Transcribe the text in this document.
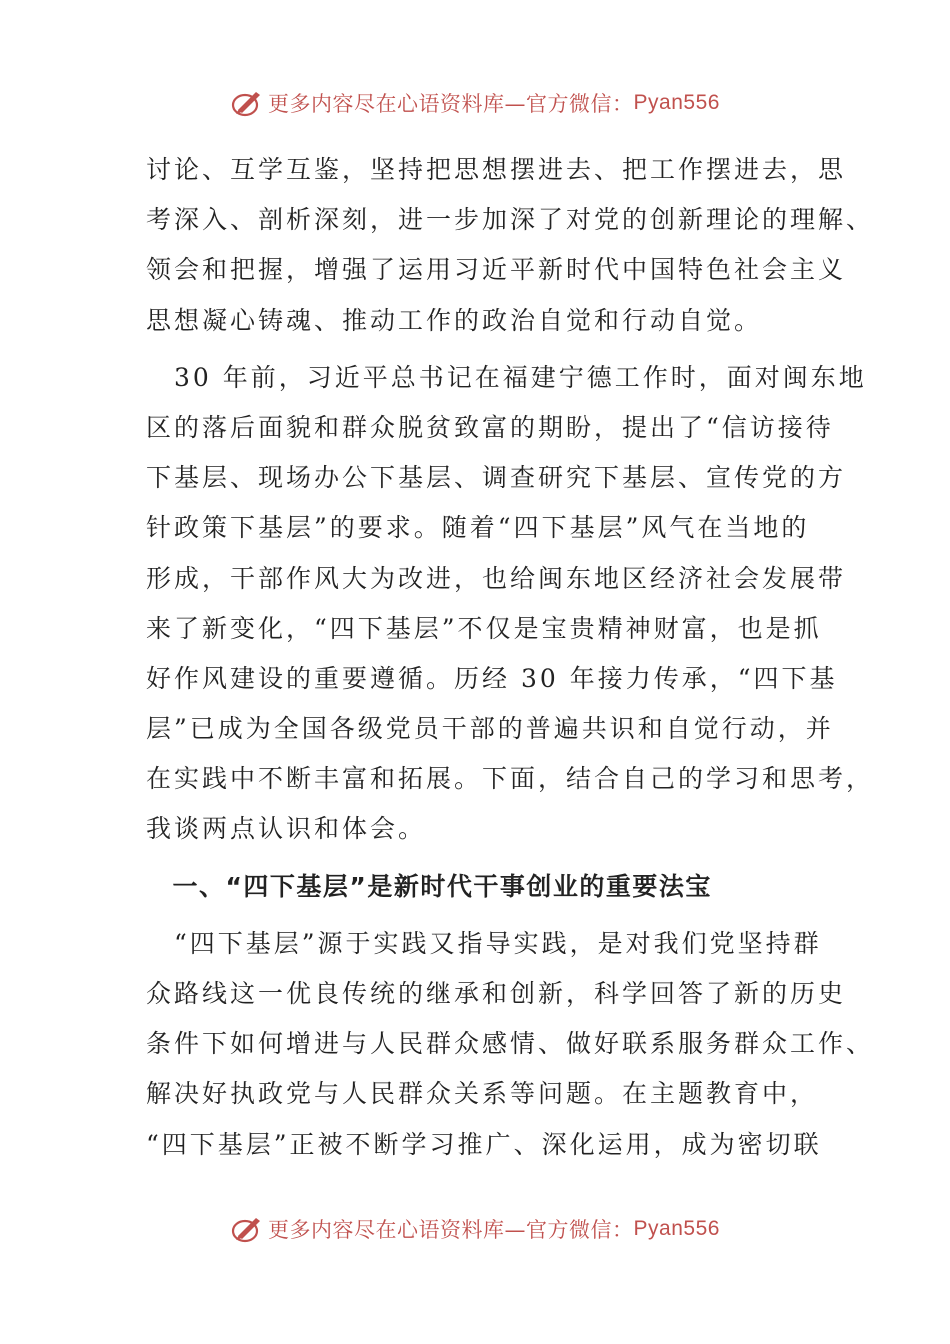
更多内容尽在心语资料库—官方微信： Pyan556
讨论、互学互鉴，坚持把思想摆进去、把工作摆进去，思
考深入、剖析深刻，进一步加深了对党的创新理论的理解、
领会和把握，增强了运用习近平新时代中国特色社会主义
思想凝心铸魂、推动工作的政治自觉和行动自觉。
　30 年前，习近平总书记在福建宁德工作时，面对闽东地
区的落后面貌和群众脱贫致富的期盼，提出了“信访接待
下基层、现场办公下基层、调查研究下基层、宣传党的方
针政策下基层”的要求。随着“四下基层”风气在当地的
形成，干部作风大为改进，也给闽东地区经济社会发展带
来了新变化，“四下基层”不仅是宝贵精神财富，也是抓
好作风建设的重要遵循。历经 30 年接力传承，“四下基
层”已成为全国各级党员干部的普遍共识和自觉行动，并
在实践中不断丰富和拓展。下面，结合自己的学习和思考，
我谈两点认识和体会。
　一、“四下基层”是新时代干事创业的重要法宝
　“四下基层”源于实践又指导实践，是对我们党坚持群
众路线这一优良传统的继承和创新，科学回答了新的历史
条件下如何增进与人民群众感情、做好联系服务群众工作、
解决好执政党与人民群众关系等问题。在主题教育中，
“四下基层”正被不断学习推广、深化运用，成为密切联
更多内容尽在心语资料库—官方微信： Pyan556
